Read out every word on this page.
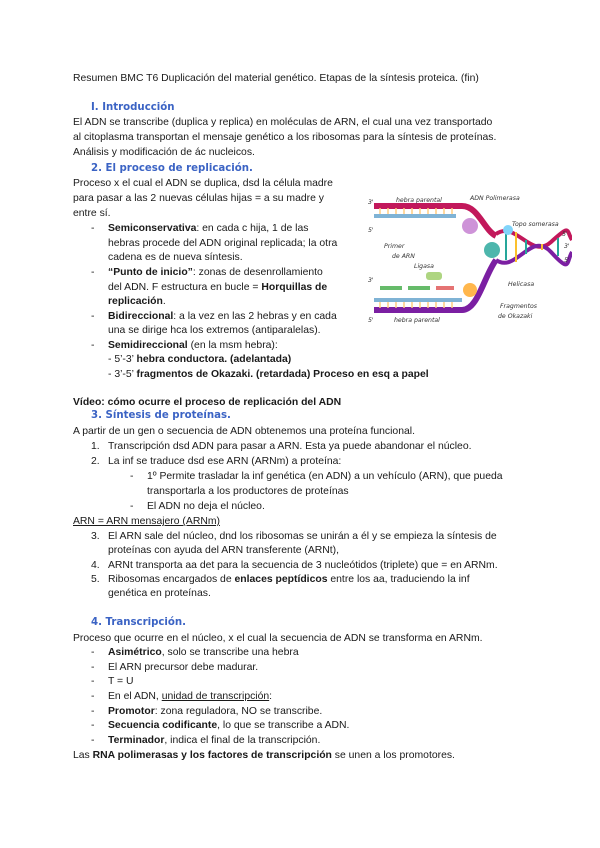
Resumen BMC T6 Duplicación del material genético. Etapas de la síntesis proteica. (fin)
I. Introducción
El ADN se transcribe (duplica y replica) en moléculas de ARN, el cual una vez transportado
al citoplasma transportan el mensaje genético a los ribosomas para la síntesis de proteínas.
Análisis y modificación de ác nucleicos.
2. El proceso de replicación.
Proceso x el cual el ADN se duplica, dsd la célula madre
para pasar a las 2 nuevas células hijas = a su madre y
entre sí.
- Semiconservativa: en cada c hija, 1 de las
hebras procede del ADN original replicada; la otra
cadena es de nueva síntesis.
- “Punto de inicio”: zonas de desenrollamiento
del ADN. F estructura en bucle = Horquillas de
replicación.
- Bidireccional: a la vez en las 2 hebras y en cada
una se dirige hca los extremos (antiparalelas).
- Semidireccional (en la msm hebra):
- 5’-3’ hebra conductora. (adelantada)
- 3’-5’ fragmentos de Okazaki. (retardada) Proceso en esq a papel
hebra parental	ADN Polimerasa
Topo somerasa
Primer
de ARN
Ligasa
Helicasa
Fragmentos
de Okazaki
hebra parental
3'
5'
3'
5'
5'
3'
5'
Vídeo: cómo ocurre el proceso de replicación del ADN
3. Síntesis de proteínas.
A partir de un gen o secuencia de ADN obtenemos una proteína funcional.
1. Transcripción dsd ADN para pasar a ARN. Esta ya puede abandonar el núcleo.
2. La inf se traduce dsd ese ARN (ARNm) a proteína:
- 1º Permite trasladar la inf genética (en ADN) a un vehículo (ARN), que pueda
transportarla a los productores de proteínas
- El ADN no deja el núcleo.
ARN = ARN mensajero (ARNm)
3. El ARN sale del núcleo, dnd los ribosomas se unirán a él y se empieza la síntesis de
proteínas con ayuda del ARN transferente (ARNt),
4. ARNt transporta aa det para la secuencia de 3 nucleótidos (triplete) que = en ARNm.
5. Ribosomas encargados de enlaces peptídicos entre los aa, traduciendo la inf
genética en proteínas.
4. Transcripción.
Proceso que ocurre en el núcleo, x el cual la secuencia de ADN se transforma en ARNm.
- Asimétrico, solo se transcribe una hebra
- El ARN precursor debe madurar.
- T = U
- En el ADN, unidad de transcripción:
- Promotor: zona reguladora, NO se transcribe.
- Secuencia codificante, lo que se transcribe a ADN.
- Terminador, indica el final de la transcripción.
Las RNA polimerasas y los factores de transcripción se unen a los promotores.
